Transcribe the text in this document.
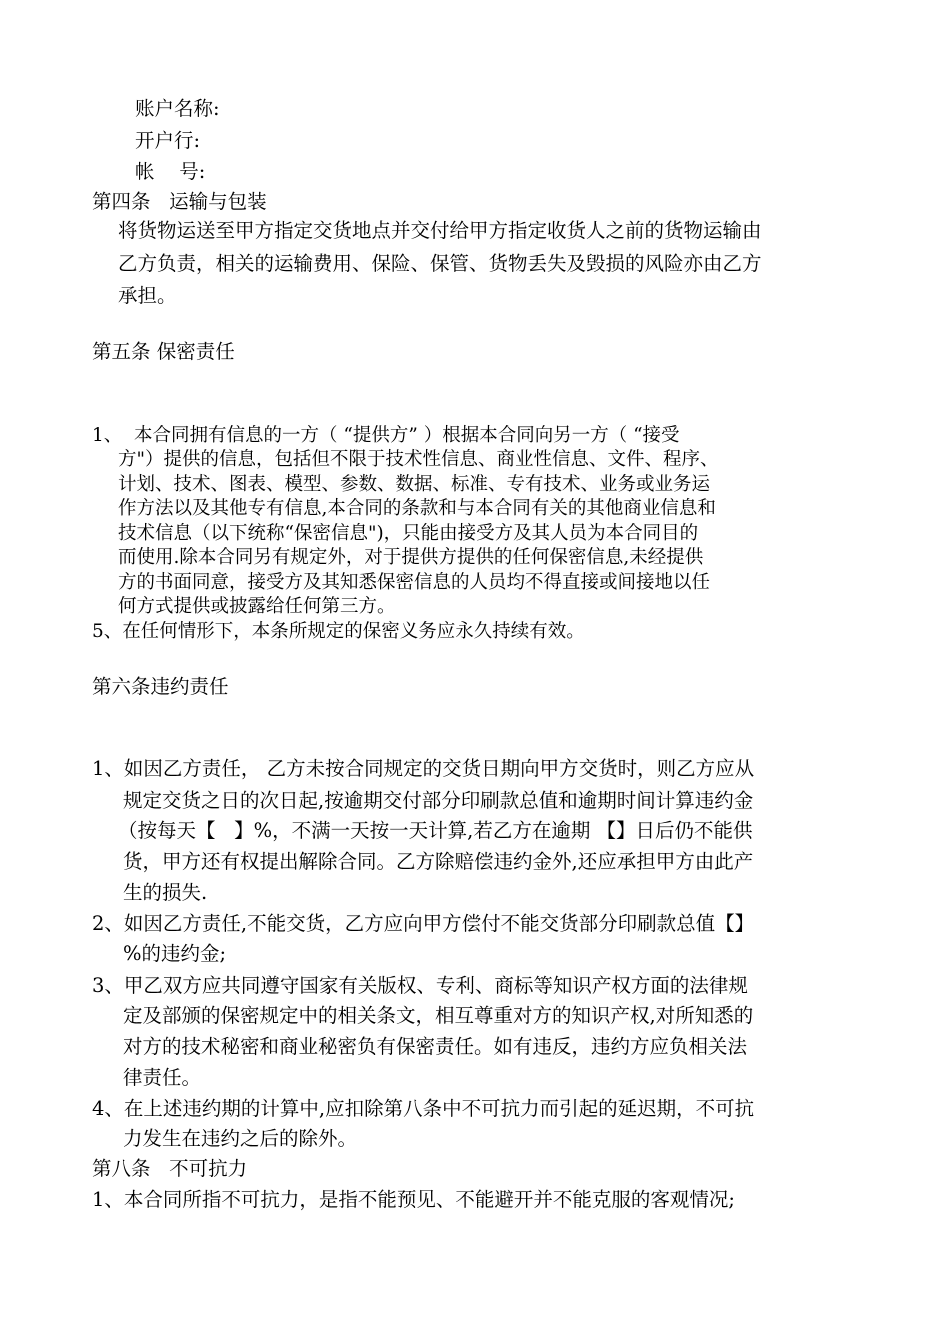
账户名称:
开户行:
帐    号:
第四条   运输与包装
将货物运送至甲方指定交货地点并交付给甲方指定收货人之前的货物运输由
乙方负责，相关的运输费用、保险、保管、货物丢失及毁损的风险亦由乙方
承担。
第五条 保密责任
1、  本合同拥有信息的一方（ “提供方” ）根据本合同向另一方（ “接受
方"）提供的信息，包括但不限于技术性信息、商业性信息、文件、程序、
计划、技术、图表、模型、参数、数据、标准、专有技术、业务或业务运
作方法以及其他专有信息,本合同的条款和与本合同有关的其他商业信息和
技术信息（以下统称“保密信息")，只能由接受方及其人员为本合同目的
而使用.除本合同另有规定外，对于提供方提供的任何保密信息,未经提供
方的书面同意，接受方及其知悉保密信息的人员均不得直接或间接地以任
何方式提供或披露给任何第三方。
5、在任何情形下，本条所规定的保密义务应永久持续有效。
第六条违约责任
1、如因乙方责任， 乙方未按合同规定的交货日期向甲方交货时，则乙方应从
规定交货之日的次日起,按逾期交付部分印刷款总值和逾期时间计算违约金
（按每天【   】%，不满一天按一天计算,若乙方在逾期 【】日后仍不能供
货，甲方还有权提出解除合同。乙方除赔偿违约金外,还应承担甲方由此产
生的损失.
2、如因乙方责任,不能交货，乙方应向甲方偿付不能交货部分印刷款总值【】
%的违约金;
3、甲乙双方应共同遵守国家有关版权、专利、商标等知识产权方面的法律规
定及部颁的保密规定中的相关条文，相互尊重对方的知识产权,对所知悉的
对方的技术秘密和商业秘密负有保密责任。如有违反，违约方应负相关法
律责任。
4、在上述违约期的计算中,应扣除第八条中不可抗力而引起的延迟期，不可抗
力发生在违约之后的除外。
第八条   不可抗力
1、本合同所指不可抗力，是指不能预见、不能避开并不能克服的客观情况;
